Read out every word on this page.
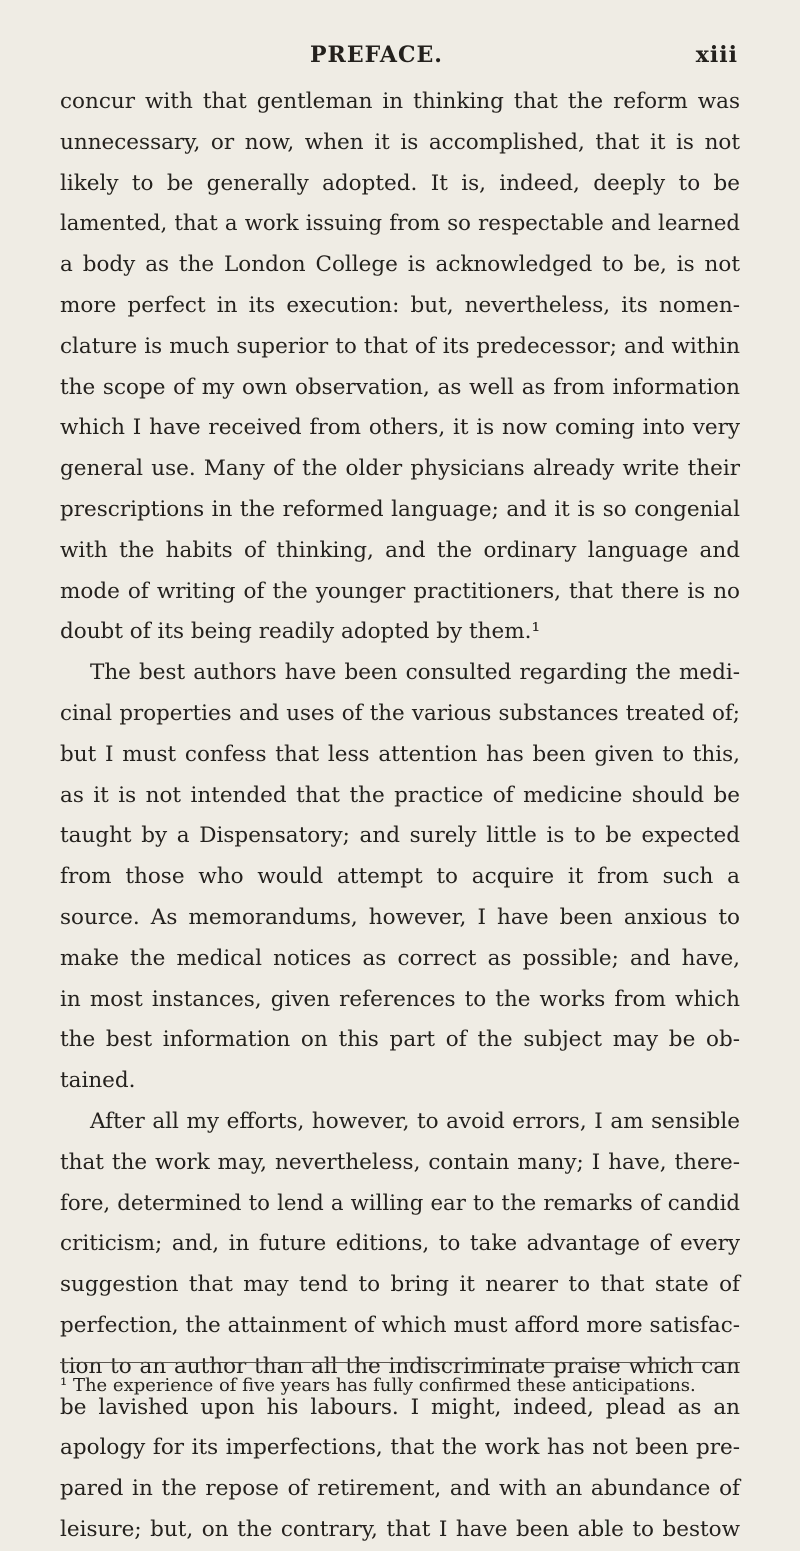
PREFACE.	xiii
concur with that gentleman in thinking that the reform was
unnecessary, or now, when it is accomplished, that it is not
likely to be generally adopted. It is, indeed, deeply to be
lamented, that a work issuing from so respectable and learned
a body as the London College is acknowledged to be, is not
more perfect in its execution: but, nevertheless, its nomen-
clature is much superior to that of its predecessor; and within
the scope of my own observation, as well as from information
which I have received from others, it is now coming into very
general use. Many of the older physicians already write their
prescriptions in the reformed language; and it is so congenial
with the habits of thinking, and the ordinary language and
mode of writing of the younger practitioners, that there is no
doubt of its being readily adopted by them.¹
The best authors have been consulted regarding the medi-
cinal properties and uses of the various substances treated of;
but I must confess that less attention has been given to this,
as it is not intended that the practice of medicine should be
taught by a Dispensatory; and surely little is to be expected
from those who would attempt to acquire it from such a
source. As memorandums, however, I have been anxious to
make the medical notices as correct as possible; and have,
in most instances, given references to the works from which
the best information on this part of the subject may be ob-
tained.
After all my efforts, however, to avoid errors, I am sensible
that the work may, nevertheless, contain many; I have, there-
fore, determined to lend a willing ear to the remarks of candid
criticism; and, in future editions, to take advantage of every
suggestion that may tend to bring it nearer to that state of
perfection, the attainment of which must afford more satisfac-
tion to an author than all the indiscriminate praise which can
be lavished upon his labours. I might, indeed, plead as an
apology for its imperfections, that the work has not been pre-
pared in the repose of retirement, and with an abundance of
leisure; but, on the contrary, that I have been able to bestow
¹ The experience of five years has fully confirmed these anticipations.
